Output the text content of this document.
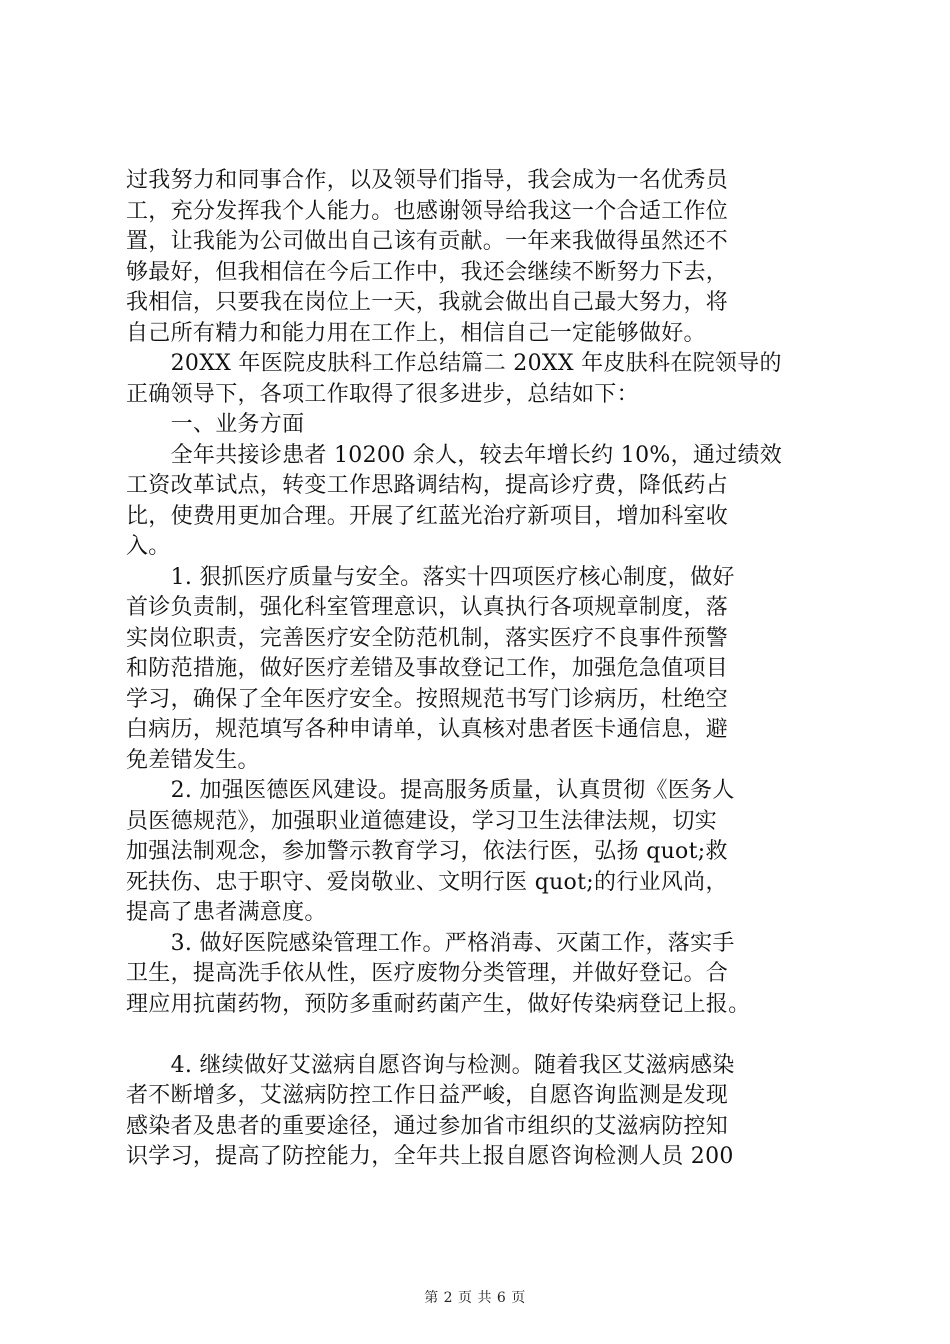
过我努力和同事合作，以及领导们指导，我会成为一名优秀员
工，充分发挥我个人能力。也感谢领导给我这一个合适工作位
置，让我能为公司做出自己该有贡献。一年来我做得虽然还不
够最好，但我相信在今后工作中，我还会继续不断努力下去，
我相信，只要我在岗位上一天，我就会做出自己最大努力，将
自己所有精力和能力用在工作上，相信自己一定能够做好。
　　20XX 年医院皮肤科工作总结篇二 20XX 年皮肤科在院领导的
正确领导下，各项工作取得了很多进步，总结如下：
　　一、业务方面
　　全年共接诊患者 10200 余人，较去年增长约 10%，通过绩效
工资改革试点，转变工作思路调结构，提高诊疗费，降低药占
比，使费用更加合理。开展了红蓝光治疗新项目，增加科室收
入。
　　1. 狠抓医疗质量与安全。落实十四项医疗核心制度，做好
首诊负责制，强化科室管理意识，认真执行各项规章制度，落
实岗位职责，完善医疗安全防范机制，落实医疗不良事件预警
和防范措施，做好医疗差错及事故登记工作，加强危急值项目
学习，确保了全年医疗安全。按照规范书写门诊病历，杜绝空
白病历，规范填写各种申请单，认真核对患者医卡通信息，避
免差错发生。
　　2. 加强医德医风建设。提高服务质量，认真贯彻《医务人
员医德规范》，加强职业道德建设，学习卫生法律法规，切实
加强法制观念，参加警示教育学习，依法行医，弘扬 quot;救
死扶伤、忠于职守、爱岗敬业、文明行医 quot;的行业风尚，
提高了患者满意度。
　　3. 做好医院感染管理工作。严格消毒、灭菌工作，落实手
卫生，提高洗手依从性，医疗废物分类管理，并做好登记。合
理应用抗菌药物，预防多重耐药菌产生，做好传染病登记上报。
　　4. 继续做好艾滋病自愿咨询与检测。随着我区艾滋病感染
者不断增多，艾滋病防控工作日益严峻，自愿咨询监测是发现
感染者及患者的重要途径，通过参加省市组织的艾滋病防控知
识学习，提高了防控能力，全年共上报自愿咨询检测人员 200
第 2 页 共 6 页
